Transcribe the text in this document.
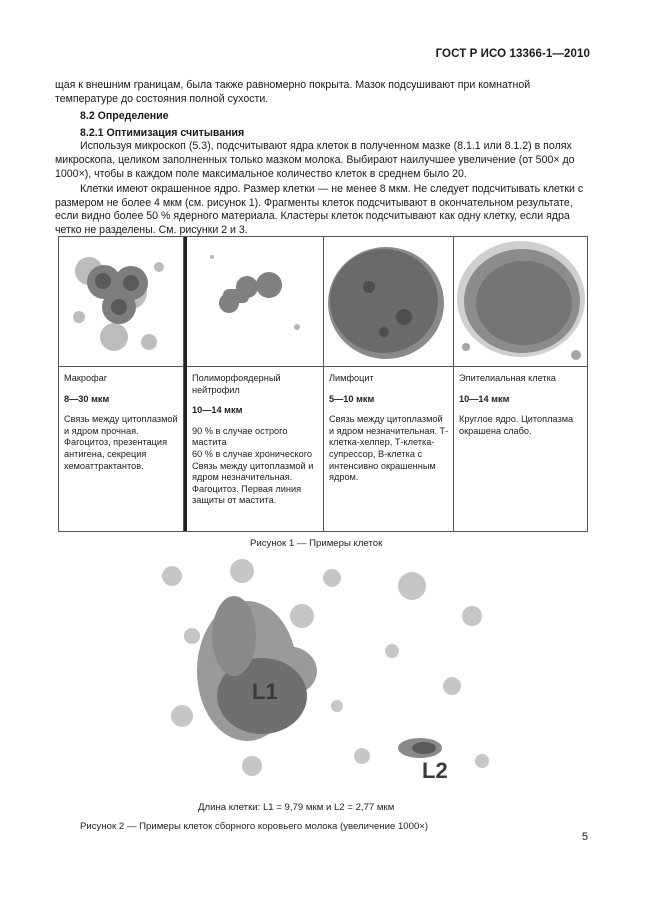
ГОСТ Р ИСО 13366-1—2010

щая к внешним границам, была также равномерно покрыта. Мазок подсушивают при комнатной температуре до состояния полной сухости.

8.2 Определение

8.2.1 Оптимизация считывания

Используя микроскоп (5.3), подсчитывают ядра клеток в полученном мазке (8.1.1 или 8.1.2) в полях микроскопа, целиком заполненных только мазком молока. Выбирают наилучшее увеличение (от 500× до 1000×), чтобы в каждом поле максимальное количество клеток в среднем было 20.

Клетки имеют окрашенное ядро. Размер клетки — не менее 8 мкм. Не следует подсчитывать клетки с размером не более 4 мкм (см. рисунок 1). Фрагменты клеток подсчитывают в окончательном результате, если видно более 50 % ядерного материала. Кластеры клеток подсчитывают как одну клетку, если ядра четко не разделены. См. рисунки 2 и 3.

Макрофаг
8—30 мкм
Связь между цитоплазмой и ядром прочная. Фагоцитоз, презентация антигена, секреция хемоаттрактантов.
Полиморфоядерный нейтрофил
10—14 мкм
90 % в случае острого мастита
60 % в случае хронического
Связь между цитоплазмой и ядром незначительная. Фагоцитоз. Первая линия защиты от мастита.
Лимфоцит
5—10 мкм
Связь между цитоплазмой и ядром незначительная. Т-клетка-хелпер, Т-клетка-супрессор, В-клетка с интенсивно окрашенным ядром.
Эпителиальная клетка
10—14 мкм
Круглое ядро. Цитоплазма окрашена слабо.
Рисунок 1 — Примеры клеток
L1
L2
Длина клетки: L1 = 9,79 мкм и L2 = 2,77 мкм
Рисунок 2 — Примеры клеток сборного коровьего молока (увеличение 1000×)
5
